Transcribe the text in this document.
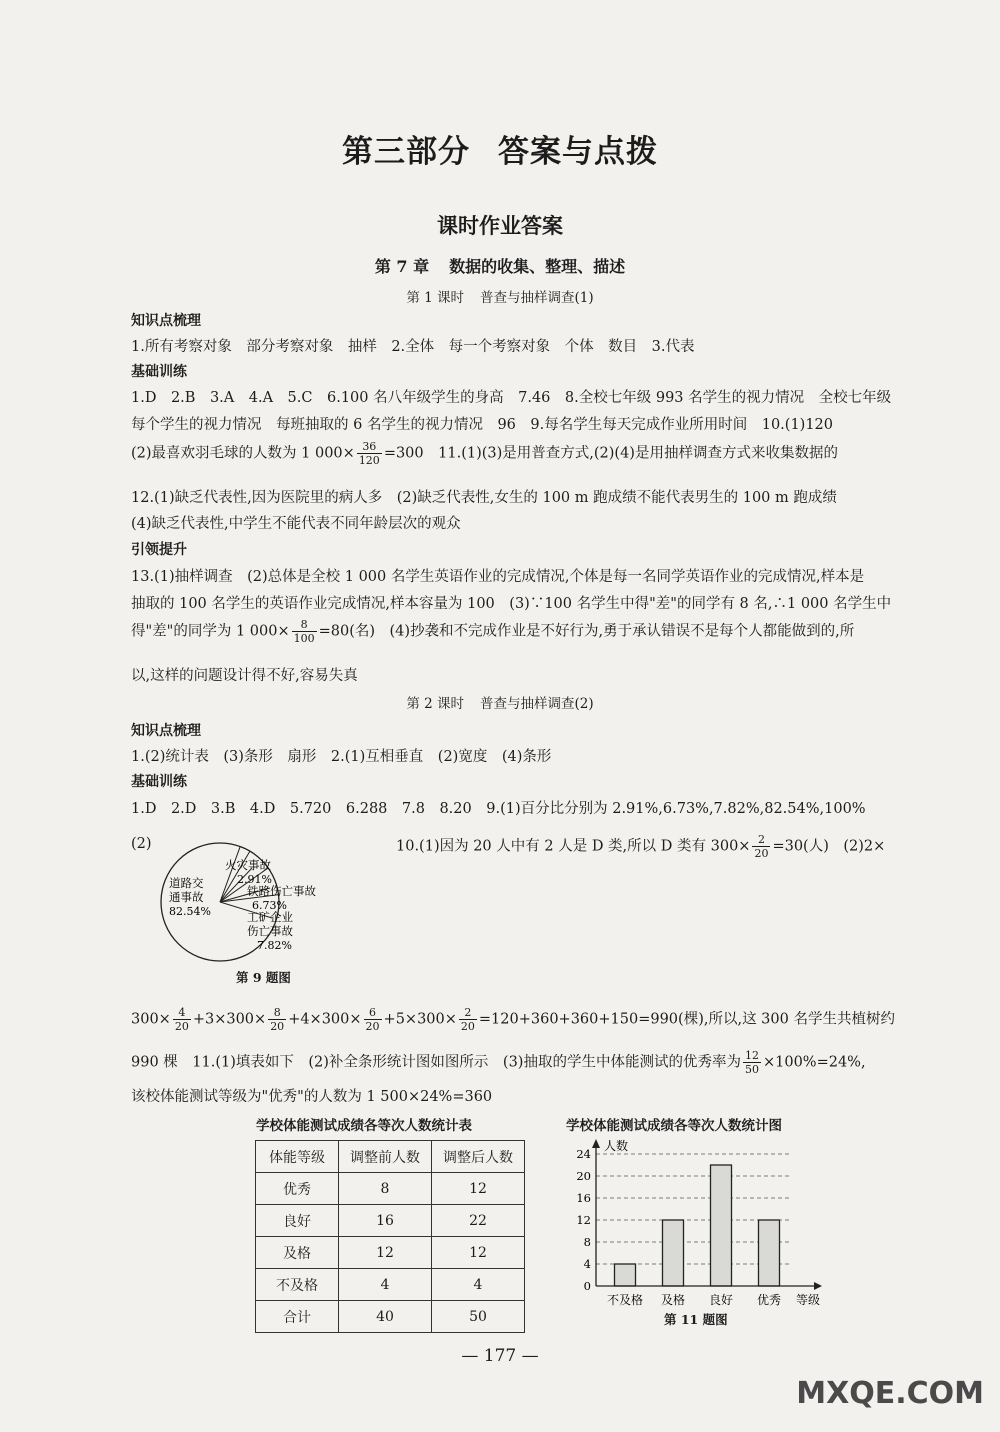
第三部分 答案与点拨
课时作业答案
第 7 章 数据的收集、整理、描述
第 1 课时 普查与抽样调查(1)
知识点梳理
1.所有考察对象　部分考察对象　抽样　2.全体　每一个考察对象　个体　数目　3.代表
基础训练
1.D　2.B　3.A　4.A　5.C　6.100 名八年级学生的身高　7.46　8.全校七年级 993 名学生的视力情况　全校七年级
每个学生的视力情况　每班抽取的 6 名学生的视力情况　96　9.每名学生每天完成作业所用时间　10.(1)120
(2)最喜欢羽毛球的人数为 1 $000\times \frac{36}{120} =300$　11.(1)(3)是用普查方式,(2)(4)是用抽样调查方式来收集数据的
12.(1)缺乏代表性,因为医院里的病人多　(2)缺乏代表性,女生的 100 m 跑成绩不能代表男生的 100 m 跑成绩
(4)缺乏代表性,中学生不能代表不同年龄层次的观众
引领提升
13.(1)抽样调查　(2)总体是全校 1 000 名学生英语作业的完成情况,个体是每一名同学英语作业的完成情况,样本是
抽取的 100 名学生的英语作业完成情况,样本容量为 100　(3)∵100 名学生中得"差"的同学有 8 名,∴1 000 名学生中
得"差"的同学为 1 $000\times \frac{8}{100} =80$(名)　(4)抄袭和不完成作业是不好行为,勇于承认错误不是每个人都能做到的,所
以,这样的问题设计得不好,容易失真
第 2 课时 普查与抽样调查(2)
知识点梳理
1.(2)统计表　(3)条形　扇形　2.(1)互相垂直　(2)宽度　(4)条形
基础训练
1.D　2.D　3.B　4.D　5.720　6.288　7.8　8.20　9.(1)百分比分别为 2.91%,6.73%,7.82%,82.54%,100%
(2)
火灾事故
2.91%
铁路伤亡事故
6.73%
工矿企业
伤亡事故
7.82%
道路交
通事故
82.54%
第 9 题图
10.(1)因为 20 人中有 2 人是 D 类,所以 D 类有 $300\times \frac{2}{20} =30$(人)　(2)2×
$300\times \frac{4}{20} +3\times 300\times \frac{8}{20} +4\times 300\times \frac{6}{20} +5\times 300\times \frac{2}{20} =120+360+360+150=990$(棵),所以,这 300 名学生共植树约
990 棵　11.(1)填表如下　(2)补全条形统计图如图所示　(3)抽取的学生中体能测试的优秀率为 $\frac{12}{50} \times 100\%=24\%$,
该校体能测试等级为"优秀"的人数为 1 500×24%=360
学校体能测试成绩各等次人数统计表
体能等级	调整前人数	调整后人数
优秀	8	12
良好	16	22
及格	12	12
不及格	4	4
合计	40	50
学校体能测试成绩各等次人数统计图
0
4
8
12
16
20
24
不及格 及格 良好 优秀
人数
等级
第 11 题图
— 177 —
MXQE.COM
